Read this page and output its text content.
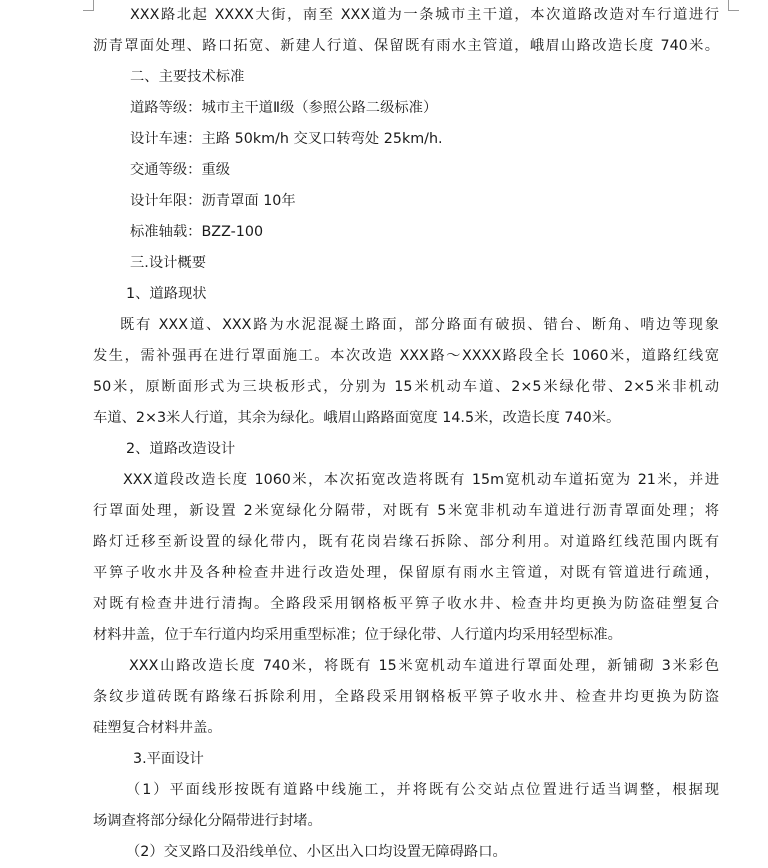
XXX路北起 XXXX大街，南至 XXX道为一条城市主干道，本次道路改造对车行道进行
沥青罩面处理、路口拓宽、新建人行道、保留既有雨水主管道，峨眉山路改造长度 740米。
二、主要技术标准
道路等级：城市主干道Ⅱ级（参照公路二级标准）
设计车速：主路 50km/h 交叉口转弯处 25km/h.
交通等级：重级
设计年限：沥青罩面 10年
标准轴载：BZZ-100
三.设计概要
1、道路现状
既有 XXX道、XXX路为水泥混凝土路面，部分路面有破损、错台、断角、啃边等现象
发生，需补强再在进行罩面施工。本次改造 XXX路～XXXX路段全长 1060米，道路红线宽
50米，原断面形式为三块板形式，分别为 15米机动车道、2×5米绿化带、2×5米非机动
车道、2×3米人行道，其余为绿化。峨眉山路路面宽度 14.5米，改造长度 740米。
2、道路改造设计
XXX道段改造长度 1060米，本次拓宽改造将既有 15m宽机动车道拓宽为 21米，并进
行罩面处理，新设置 2米宽绿化分隔带，对既有 5米宽非机动车道进行沥青罩面处理；将
路灯迁移至新设置的绿化带内，既有花岗岩缘石拆除、部分利用。对道路红线范围内既有
平箅子收水井及各种检查井进行改造处理，保留原有雨水主管道，对既有管道进行疏通，
对既有检查井进行清掏。全路段采用钢格板平箅子收水井、检查井均更换为防盗硅塑复合
材料井盖，位于车行道内均采用重型标准；位于绿化带、人行道内均采用轻型标准。
XXX山路改造长度 740米，将既有 15米宽机动车道进行罩面处理，新铺砌 3米彩色
条纹步道砖既有路缘石拆除利用，全路段采用钢格板平箅子收水井、检查井均更换为防盗
硅塑复合材料井盖。
3.平面设计
（1）平面线形按既有道路中线施工，并将既有公交站点位置进行适当调整，根据现
场调查将部分绿化分隔带进行封堵。
（2）交叉路口及沿线单位、小区出入口均设置无障碍路口。
